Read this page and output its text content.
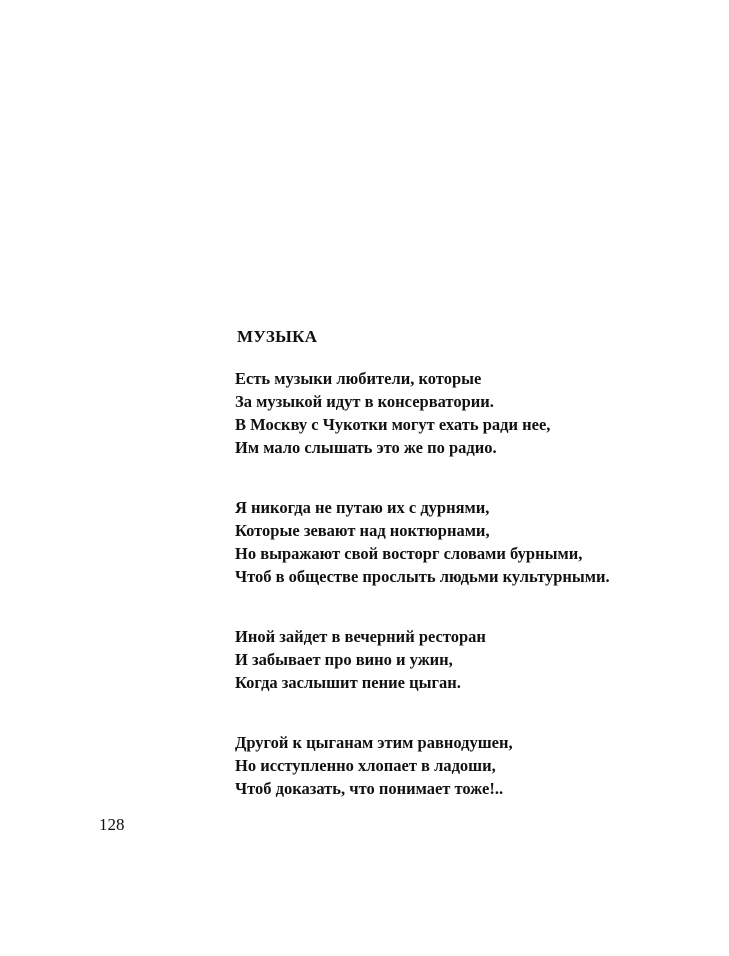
МУЗЫКА
Есть музыки любители, которые
За музыкой идут в консерватории.
В Москву с Чукотки могут ехать ради нее,
Им мало слышать это же по радио.
Я никогда не путаю их с дурнями,
Которые зевают над ноктюрнами,
Но выражают свой восторг словами бурными,
Чтоб в обществе прослыть людьми культурными.
Иной зайдет в вечерний ресторан
И забывает про вино и ужин,
Когда заслышит пение цыган.
Другой к цыганам этим равнодушен,
Но исступленно хлопает в ладоши,
Чтоб доказать, что понимает тоже!..

128
